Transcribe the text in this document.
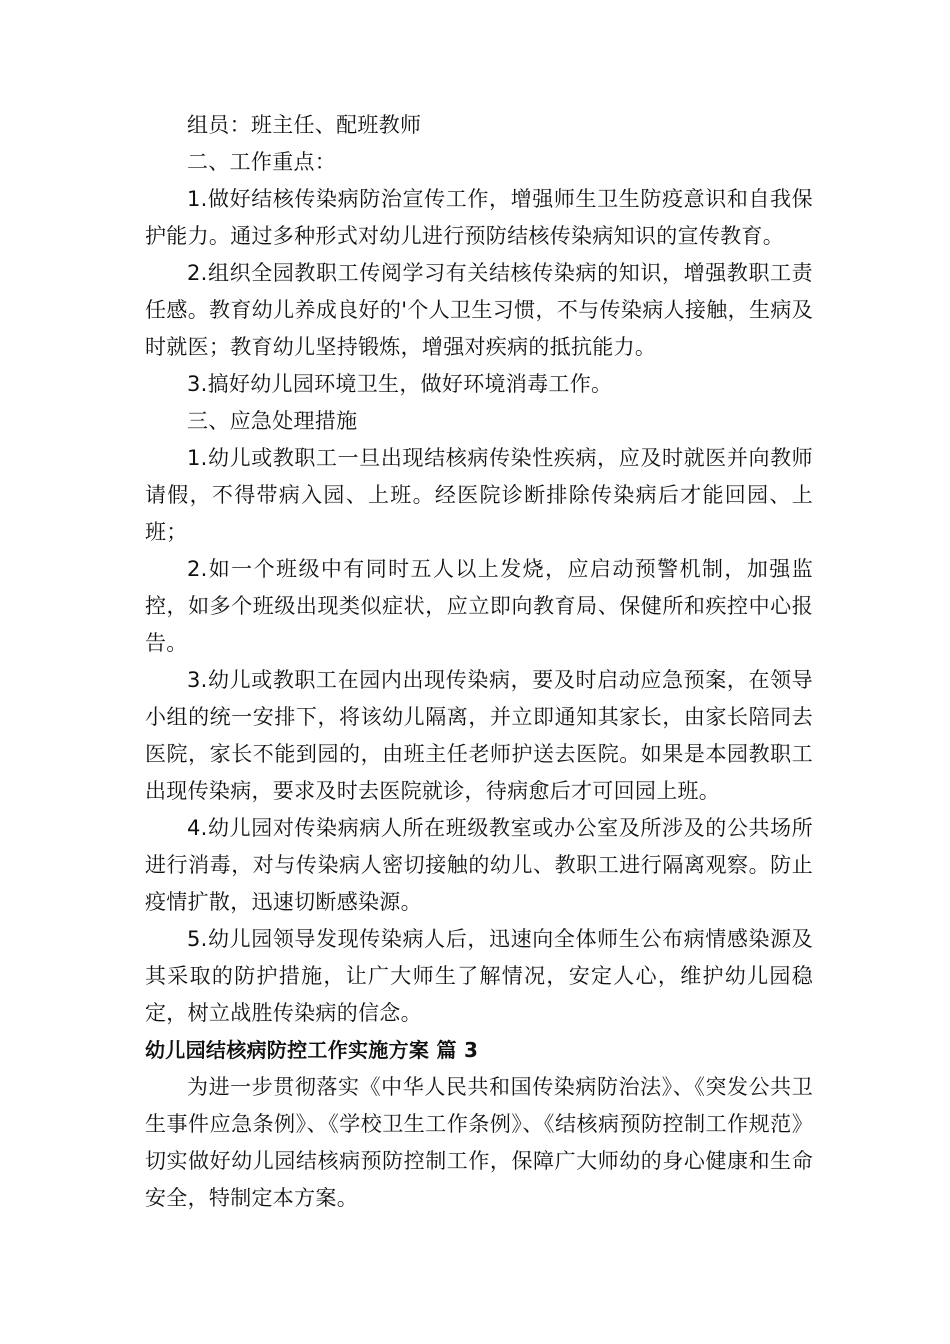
组员：班主任、配班教师

二、工作重点：

1.做好结核传染病防治宣传工作，增强师生卫生防疫意识和自我保护能力。通过多种形式对幼儿进行预防结核传染病知识的宣传教育。

2.组织全园教职工传阅学习有关结核传染病的知识，增强教职工责任感。教育幼儿养成良好的'个人卫生习惯，不与传染病人接触，生病及时就医；教育幼儿坚持锻炼，增强对疾病的抵抗能力。

3.搞好幼儿园环境卫生，做好环境消毒工作。

三、应急处理措施

1.幼儿或教职工一旦出现结核病传染性疾病，应及时就医并向教师请假，不得带病入园、上班。经医院诊断排除传染病后才能回园、上班；

2.如一个班级中有同时五人以上发烧，应启动预警机制，加强监控，如多个班级出现类似症状，应立即向教育局、保健所和疾控中心报告。

3.幼儿或教职工在园内出现传染病，要及时启动应急预案，在领导小组的统一安排下，将该幼儿隔离，并立即通知其家长，由家长陪同去医院，家长不能到园的，由班主任老师护送去医院。如果是本园教职工出现传染病，要求及时去医院就诊，待病愈后才可回园上班。

4.幼儿园对传染病病人所在班级教室或办公室及所涉及的公共场所进行消毒，对与传染病人密切接触的幼儿、教职工进行隔离观察。防止疫情扩散，迅速切断感染源。

5.幼儿园领导发现传染病人后，迅速向全体师生公布病情感染源及其采取的防护措施，让广大师生了解情况，安定人心，维护幼儿园稳定，树立战胜传染病的信念。

幼儿园结核病防控工作实施方案 篇 3

为进一步贯彻落实《中华人民共和国传染病防治法》、《突发公共卫生事件应急条例》、《学校卫生工作条例》、《结核病预防控制工作规范》切实做好幼儿园结核病预防控制工作，保障广大师幼的身心健康和生命安全，特制定本方案。
